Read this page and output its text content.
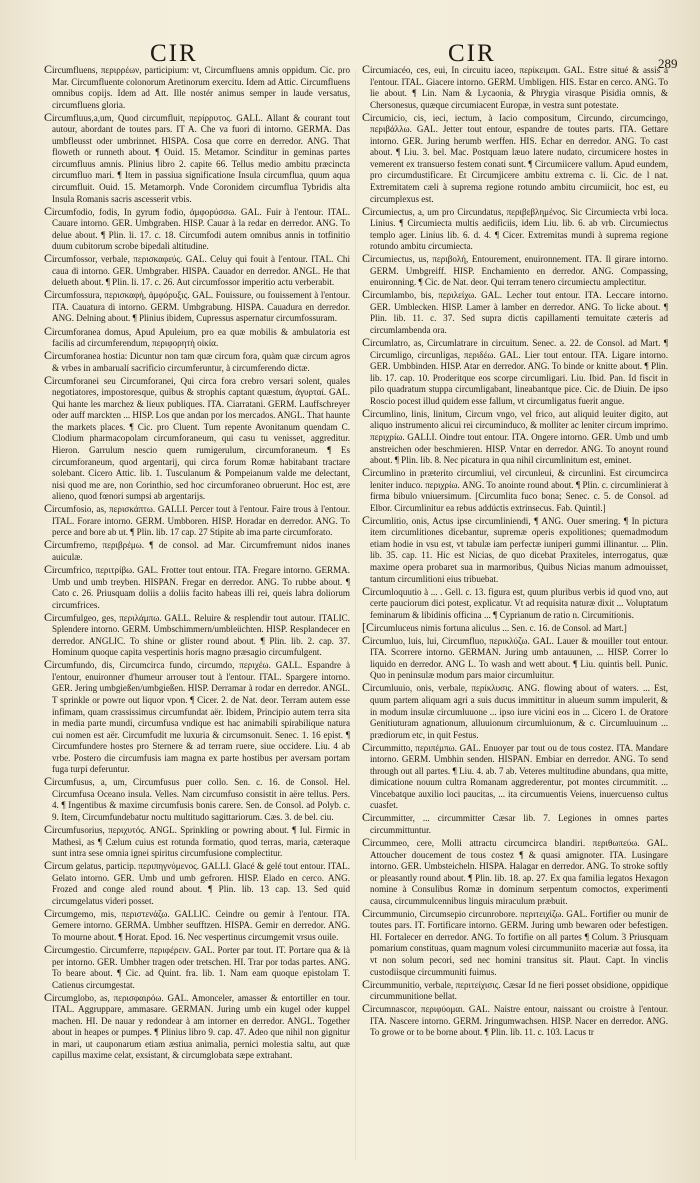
CIR	CIR	289

Circumfluens, περιρρέων, participium: vt, Circumfluens amnis oppidum. Cic. pro Mar. Circumfluente colonorum Aretinorum exercitu. Idem ad Attic. Circumfluens omnibus copijs. Idem ad Att. Ille nostér animus semper in laude versatus, circumfluens gloria.

Circumfluus,a,um, Quod circumfluit, περίρρυτος. GALL. Allant & courant tout autour, abordant de toutes pars. IT A. Che va fuori di intorno. GERMA. Das umbfleusst oder umbrinnet. HISPA. Cosa que corre en derredor. ANG. That floweth or runneth about. ¶ Ouid. 15. Metamor. Scinditur in geminas partes circumfluus amnis. Plinius libro 2. capite 66. Tellus medio ambitu præcincta circumfluo mari. ¶ Item in passiua significatione Insula circumflua, quum aqua circumfluit. Ouid. 15. Metamorph. Vnde Coronidem circumflua Tybridis alta Insula Romanis sacris ascesserit vrbis.

Circumfodio, fodis, In gyrum fodio, ἀμφορύσσω. GAL. Fuir à l'entour. ITAL. Cauare intorno. GER. Umbgraben. HISP. Cauar à la redar en derredor. ANG. To delue about. ¶ Plin. li. 17. c. 18. Circumfodi autem omnibus annis in totfinitio duum cubitorum scrobe bipedali altitudine.

Circumfossor, verbale, περισκαφεύς. GAL. Celuy qui fouit à l'entour. ITAL. Chi caua di intorno. GER. Umbgraber. HISPA. Cauador en derredor. ANGL. He that delueth about. ¶ Plin. li. 17. c. 26. Aut circumfossor imperitio actu verberabit.

Circumfossura, περισκαφή, ἀμφόρυξις. GAL. Fouissure, ou fouissement à l'entour. ITA. Cauatura di intorno. GERM. Umbgrabung. HISPA. Cauadura en derredor. ANG. Delning about. ¶ Plinius ibidem, Cupressus aspernatur circumfossuram.

Circumforanea domus, Apud Apuleium, pro ea quæ mobilis & ambulatoria est facilis ad circumferendum, περιφορητὴ οἰκία.

Circumforanea hostia: Dicuntur non tam quæ circum fora, quàm quæ circum agros & vrbes in ambarualí sacrificio circumferuntur, à circumferendo dictæ.

Circumforanei seu Circumforanei, Qui circa fora crebro versari solent, quales negotiatores, impostoresque, quibus & strophis captant quæstum, ἀγυρταί. GAL. Qui hante les marchez & lieux publiques. ITA. Ciarratani. GERM. Lauffschreyer oder auff marckten ... HISP. Los que andan por los mercados. ANGL. That haunte the markets places. ¶ Cic. pro Cluent. Tum repente Avonitanum quendam C. Clodium pharmacopolam circumforaneum, qui casu tu venisset, aggreditur. Hieron. Garrulum nescio quem rumigerulum, circumforaneum. ¶ Es circumforaneum, quod argentarij, qui circa forum Romæ habitabant tractare solebant. Cicero Attic. lib. 1. Tusculanum & Pompeianum valde me delectant, nisi quod me are, non Corinthio, sed hoc circumforaneo obruerunt. Hoc est, ære alieno, quod fœnori sumpsi ab argentarijs.

Circumfosio, as, περισκάπτω. GALLI. Percer tout à l'entour. Faire trous à l'entour. ITAL. Forare intorno. GERM. Umbboren. HISP. Horadar en derredor. ANG. To perce and bore ab ut. ¶ Plin. lib. 17 cap. 27 Stipite ab ima parte circumforato.

Circumfremo, περιβρέμω. ¶ de consol. ad Mar. Circumfremunt nidos inanes auiculæ.

Circumfrico, περιτρίβω. GAL. Frotter tout entour. ITA. Fregare intorno. GERMA. Umb und umb treyben. HISPAN. Fregar en derredor. ANG. To rubbe about. ¶ Cato c. 26. Priusquam doliis a doliis facito habeas illi rei, queis labra doliorum circumfrices.

Circumfulgeo, ges, περιλάμπω. GALL. Reluire & resplendir tout autour. ITALIC. Splendere intorno. GERM. Umbschimmern/umbleüchten. HISP. Resplandecer en derredor. ANGLIC. To shine or glister round about. ¶ Plin. lib. 2. cap. 37. Hominum quoque capita vespertinis horis magno præsagio circumfulgent.

Circumfundo, dis, Circumcirca fundo, circumdo, περιχέω. GALL. Espandre à l'entour, enuironner d'humeur arrouser tout à l'entour. ITAL. Spargere intorno. GER. Jering umbgießen/umbgießen. HISP. Derramar à rodar en derredor. ANGL. T sprinkle or powre out liquor vpon. ¶ Cicer. 2. de Nat. deor. Terram autem esse infimam, quam crassissimus circumfundat aër. Ibidem, Principio autem terra sita in media parte mundi, circumfusa vndique est hac animabili spirabilique natura cui nomen est aër. Circumfudit me luxuria & circumsonuit. Senec. 1. 16 epist. ¶ Circumfundere hostes pro Sternere & ad terram ruere, siue occidere. Liu. 4 ab vrbe. Postero die circumfusis iam magna ex parte hostibus per aversam portam fuga turpi deferuntur.

Circumfusus, a, um, Circumfusus puer collo. Sen. c. 16. de Consol. Hel. Circumfusa Oceano insula. Velles. Nam circumfuso consistit in aëre tellus. Pers. 4. ¶ Ingentibus & maxime circumfusis bonis carere. Sen. de Consol. ad Polyb. c. 9. Item, Circumfundebatur noctu multitudo sagittariorum. Cæs. 3. de bel. ciu.

Circumfusorius, περιχυτός. ANGL. Sprinkling or powring about. ¶ Iul. Firmic in Mathesi, as ¶ Cælum cuius est rotunda formatio, quod terras, maria, cæteraque sunt intra sese omnia ignei spiritus circumfusione complectitur.

Circum gelatus, particip. περιπηγνύμενος. GALLI. Glacé & gelé tout entour. ITAL. Gelato intorno. GER. Umb und umb gefroren. HISP. Elado en cerco. ANG. Frozed and conge aled round about. ¶ Plin. lib. 13 cap. 13. Sed quid circumgelatus videri posset.

Circumgemo, mis, περιστενάζω. GALLIC. Ceindre ou gemir à l'entour. ITA. Gemere intorno. GERMA. Umbher seufftzen. HISPA. Gemir en derredor. ANG. To mourne about. ¶ Horat. Epod. 16. Nec vespertinus circumgemit vrsus ouile.

Circumgestio. Circumferre, περιφέρειν. GAL. Porter par tout. IT. Portare qua & là per intorno. GER. Umbher tragen oder tretschen. HI. Trar por todas partes. ANG. To beare about. ¶ Cic. ad Quint. fra. lib. 1. Nam eam quoque epistolam T. Catienus circumgestat.

Circumglobo, as, περισφαιρόω. GAL. Amonceler, amasser & entortiller en tour. ITAL. Aggruppare, ammasare. GERMAN. Juring umb ein kugel oder kuppel machen. HI. De nauar y redondear à am intorner en derredor. ANGL. Together about in heapes or pumpes. ¶ Plinius libro 9. cap. 47. Adeo que nihil non gignitur in mari, ut cauponarum etiam æstiua animalia, pernici molestia saltu, aut quæ capillus maxime celat, exsistant, & circumglobata sæpe extrahant.

Circumiacéo, ces, eui, In circuitu iaceo, περίκειμαι. GAL. Estre situé & assis à l'entour. ITAL. Giacere intorno. GERM. Umbligen. HIS. Estar en cerco. ANG. To lie about. ¶ Lin. Nam & Lycaonia, & Phrygia virasque Pisidia omnis, & Chersonesus, quæque circumiacent Europæ, in vestra sunt potestate.

Circumicio, cis, ieci, iectum, à Iacio compositum, Circundo, circumcingo, περιβάλλω. GAL. Jetter tout entour, espandre de toutes parts. ITA. Gettare intorno. GER. Juring herumb werffen. HIS. Echar en derredor. ANG. To cast about. ¶ Liu. 3. bel. Mac. Postquam læuo latere nudato, circumicere hostes in vemerent ex transuerso festem conati sunt. ¶ Circumiicere vallum. Apud eundem, pro circumdustificare. Et Circumjicere ambitu extrema c. li. Cic. de l nat. Extremitatem cæli à suprema regione rotundo ambitu circumiicit, hoc est, eu circumplexus est.

Circumiectus, a, um pro Circundatus, περιβεβλημένος. Sic Circumiecta vrbi loca. Linius. ¶ Circumiecta multis aedificiis, idem Liu. lib. 6. ab vrb. Circumiectus templo ager. Linius lib. 6. d. 4. ¶ Cicer. Extremitas mundi à suprema regione rotundo ambitu circumiecta.

Circumiectus, us, περιβολή, Entourement, enuironnement. ITA. Il girare intorno. GERM. Umbgreiff. HISP. Enchamiento en derredor. ANG. Compassing, enuironning. ¶ Cic. de Nat. deor. Qui terram tenero circumiectu amplectitur.

Circumlambo, bis, περιλείχω. GAL. Lecher tout entour. ITA. Leccare intorno. GER. Umblecken. HISP. Lamer à lamber en derredor. ANG. To licke about. ¶ Plin. lib. 11. c. 37. Sed supra dictis capillamenti temuitate cæteris ad circumlambenda ora.

Circumlatro, as, Circumlatrare in circuitum. Senec. a. 22. de Consol. ad Mart. ¶ Circumligo, circunligas, περιδέω. GAL. Lier tout entour. ITA. Ligare intorno. GER. Umbbinden. HISP. Atar en derredor. ANG. To binde or knitte about. ¶ Plin. lib. 17. cap. 10. Proderitque eos scorpe circumligari. Liu. Ibid. Pan. Id fiscit in pilo quadratum stuppa circumligabant, lineabantque pice. Cic. de Diuin. De ipso Roscio pocest illud quidem esse fallum, vt circumligatus fuerit angue.

Circumlino, linis, linitum, Circum vngo, vel frico, aut aliquid leuiter digito, aut aliquo instrumento alicui rei circuminduco, & molliter ac leniter circum imprimo. περιχρίω. GALLI. Oindre tout entour. ITA. Ongere intorno. GER. Umb und umb anstreichen oder beschmieren. HISP. Vntar en derredor. ANG. To anoynt round about. ¶ Plin. lib. 8. Nec picatura in qua nihil circumlinitum est, eminet.

Circumlino in præterito circumliui, vel circunleui, & circunlini. Est circumcirca leniter induco. περιχρίω. ANG. To anointe round about. ¶ Plin. c. circumlinierat à firma bibulo vniuersimum. [Circumlita fuco bona; Senec. c. 5. de Consol. ad Elbor. Circumlinitur ea rebus addúctis extrinsecus. Fab. Quintil.]

Circumlitio, onis, Actus ipse circumliniendi, ¶ ANG. Ouer smering. ¶ In pictura item circumlitiones dicebantur, supremæ operis expolitiones; quemadmodum etiam hodie in vsu est, vt tabulæ iam perfectæ iuniperi gummi illinantur. ... Plin. lib. 35. cap. 11. Hic est Nicias, de quo dicebat Praxiteles, interrogatus, quæ maxime opera probaret sua in marmoribus, Quibus Nicias manum admouisset, tantum circumlitioni eius tribuebat.

Circumloquutio à ... . Gell. c. 13. figura est, quum pluribus verbis id quod vno, aut certe pauciorum dici potest, explicatur. Vt ad requisita naturæ dixit ... Voluptatum feminarum & libidinis officina ... ¶ Cyprianum de ratio n. Circumitionis.

[Circumluceus nimis fortuna aliculus ... Sen. c. 16. de Consol. ad Mart.]

Circumluo, luis, lui, Circumfluo, περικλύζω. GAL. Lauer & mouiller tout entour. ITA. Scorrere intorno. GERMAN. Juring umb antauunen, ... HISP. Correr lo liquido en derredor. ANG L. To wash and wett about. ¶ Liu. quintis bell. Punic. Quo in peninsulæ modum pars maior circumluitur.

Circumluuio, onis, verbale, περίκλυσις. ANG. flowing about of waters. ... Est, quum partem aliquam agri a suis ducus immittitur in alueum summ impulerit, & in modum insulæ circumluuone ... ipso iure vicini eos in ... Cicero 1. de Oratore Genitiuturam agnationum, alluuionum circumluionum, & c. Circumluuinum ... prædiorum etc, in quit Festus.

Circummitto, περιπέμπω. GAL. Enuoyer par tout ou de tous costez. ITA. Mandare intorno. GERM. Umbhin senden. HISPAN. Embiar en derredor. ANG. To send through out all partes. ¶ Liu. 4. ab. 7 ab. Veteres multitudine abundans, qua mitte, dimicatione nouum cultra Romanam aggrederentur, pot montes circummitit. ... Vincebatque auxilio loci paucitas, ... ita circumuentis Veiens, inuercuenso cultus cuasfet.

Circummitter, ... circummitter Cæsar lib. 7. Legiones in omnes partes circummittuntur.

Circummeo, cere, Molli attractu circumcirca blandiri. περιθωπεύω. GAL. Attoucher doucement de tous costez ¶ & quasi amignoter. ITA. Lusingare intorno. GER. Umbsteicheln. HISPA. Halagar en derredor. ANG. To stroke softly or pleasantly round about. ¶ Plin. lib. 18. ap. 27. Ex qua familia legatos Hexagon nomine à Consulibus Romæ in dominum serpentum comoctos, experimenti causa, circummulcennibus linguis miraculum præbuit.

Circummunio, Circumsepio circunrobore. περιτειχίζω. GAL. Fortifier ou munir de toutes pars. IT. Fortificare intorno. GERM. Juring umb bewaren oder befestigen. HI. Fortalecer en derredor. ANG. To fortifie on all partes ¶ Colum. 3 Priusquam pomarium constituas, quam magnum volesi circummuniito maceriæ aut fossa, ita vt non solum pecori, sed nec homini transitus sit. Plaut. Capt. In vinclis custodiisque circummuniti fuimus.

Circummunitio, verbale, περιτείχισις. Cæsar Id ne fieri posset obsidione, oppidique circummunitione bellat.

Circumnascor, περιφύομαι. GAL. Naistre entour, naissant ou croistre à l'entour. ITA. Nascere intorno. GERM. Jringumwachsen. HISP. Nacer en derredor. ANG. To growe or to be borne about. ¶ Plin. lib. 11. c. 103. Lacus tr
